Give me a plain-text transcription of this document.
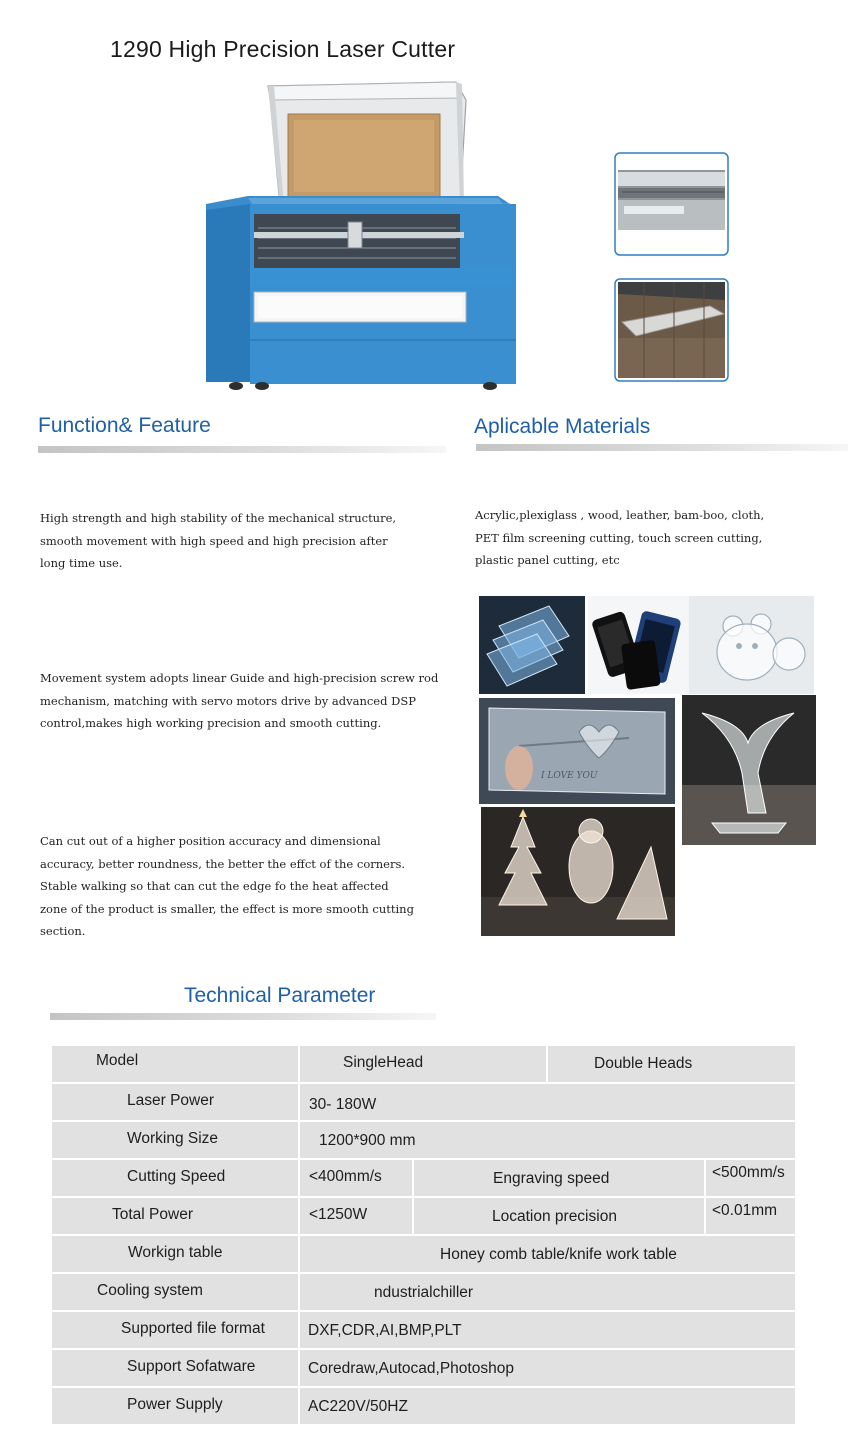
1290 High Precision Laser Cutter
Function& Feature	Aplicable Materials
High strength and high stability of the mechanical structure,
smooth movement with high speed and high precision after
long time use.
Movement system adopts linear Guide and high-precision screw rod
mechanism, matching with servo motors drive by advanced DSP
control,makes high working precision and smooth cutting.
Can cut out of a higher position accuracy and dimensional
accuracy, better roundness, the better the effct of the corners.
Stable walking so that can cut the edge fo the heat affected
zone of the product is smaller, the effect is more smooth cutting
section.
Acrylic,plexiglass , wood, leather, bam-boo, cloth,
PET film screening cutting, touch screen cutting,
plastic panel cutting, etc
I LOVE YOU
Technical Parameter
Model	SingleHead	Double Heads
Laser Power	30- 180W
Working Size	1200*900 mm
Cutting Speed	<400mm/s	Engraving speed	<500mm/s
Total Power	<1250W	Location precision	<0.01mm
Workign table	Honey comb table/knife work table
Cooling system	ndustrialchiller
Supported file format	DXF,CDR,AI,BMP,PLT
Support Sofatware	Coredraw,Autocad,Photoshop
Power Supply	AC220V/50HZ
